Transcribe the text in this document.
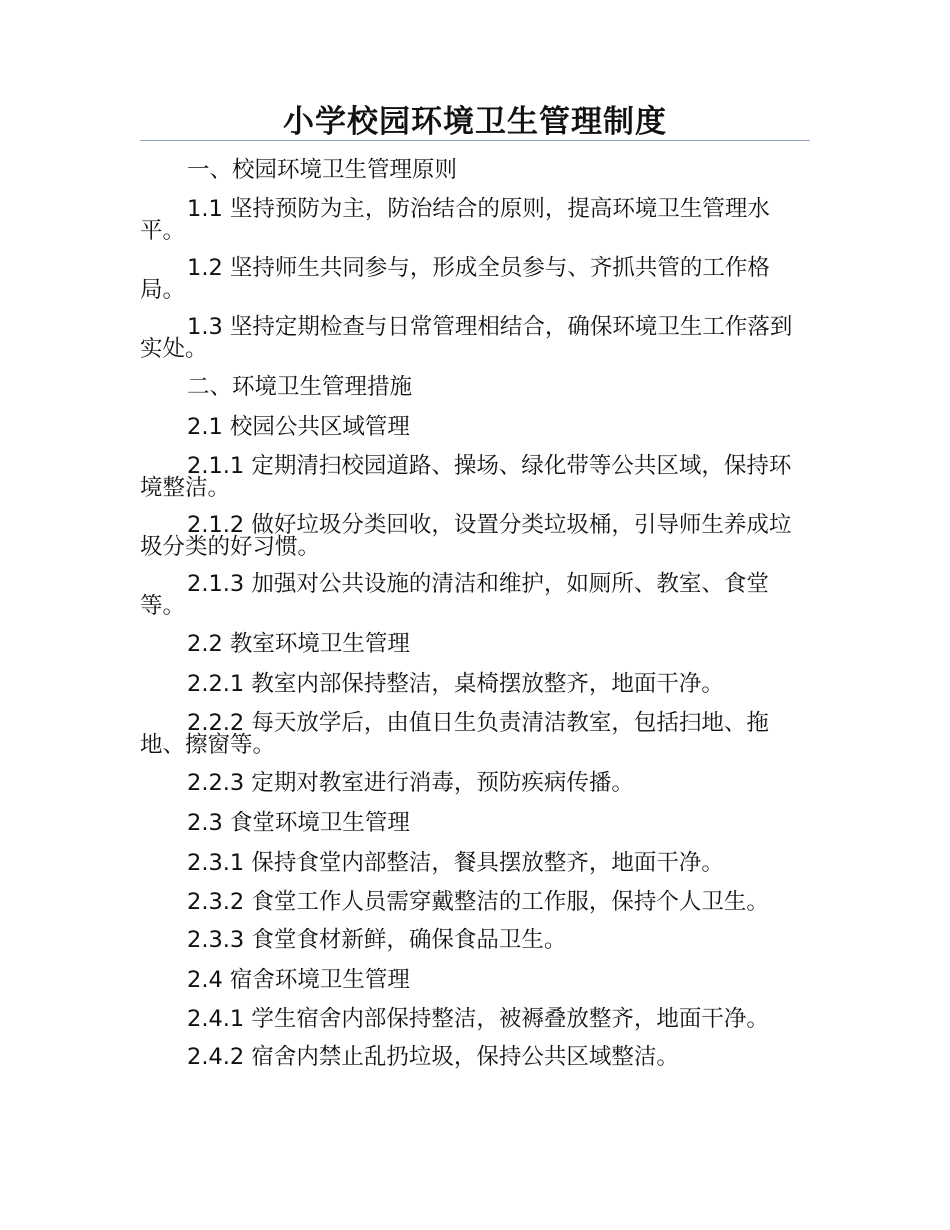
小学校园环境卫生管理制度

一、校园环境卫生管理原则

1.1 坚持预防为主，防治结合的原则，提高环境卫生管理水平。

1.2 坚持师生共同参与，形成全员参与、齐抓共管的工作格局。

1.3 坚持定期检查与日常管理相结合，确保环境卫生工作落到实处。

二、环境卫生管理措施

2.1 校园公共区域管理

2.1.1 定期清扫校园道路、操场、绿化带等公共区域，保持环境整洁。

2.1.2 做好垃圾分类回收，设置分类垃圾桶，引导师生养成垃圾分类的好习惯。

2.1.3 加强对公共设施的清洁和维护，如厕所、教室、食堂等。

2.2 教室环境卫生管理

2.2.1 教室内部保持整洁，桌椅摆放整齐，地面干净。

2.2.2 每天放学后，由值日生负责清洁教室，包括扫地、拖地、擦窗等。

2.2.3 定期对教室进行消毒，预防疾病传播。

2.3 食堂环境卫生管理

2.3.1 保持食堂内部整洁，餐具摆放整齐，地面干净。

2.3.2 食堂工作人员需穿戴整洁的工作服，保持个人卫生。

2.3.3 食堂食材新鲜，确保食品卫生。

2.4 宿舍环境卫生管理

2.4.1 学生宿舍内部保持整洁，被褥叠放整齐，地面干净。

2.4.2 宿舍内禁止乱扔垃圾，保持公共区域整洁。
